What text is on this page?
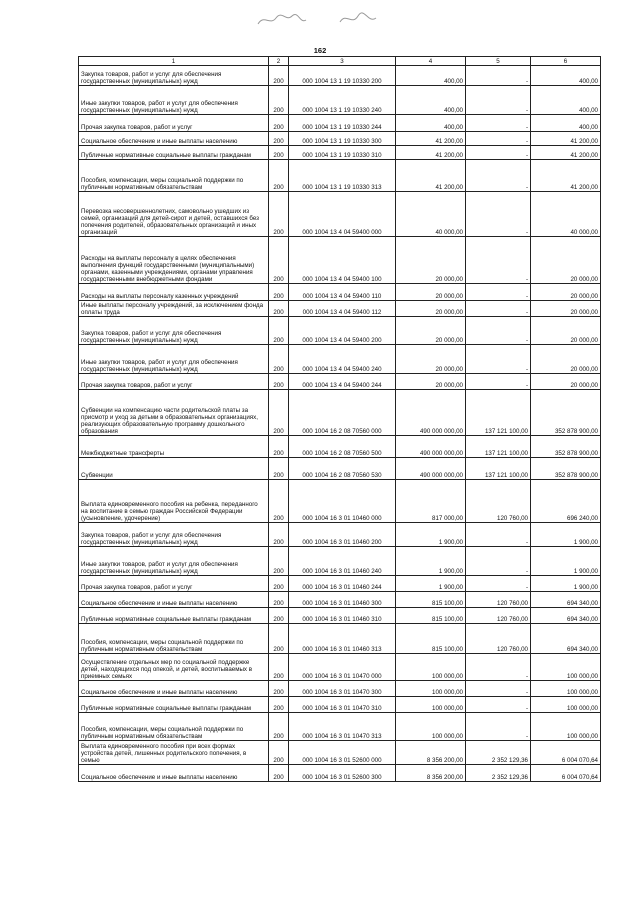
162
1	2	3	4	5	6
Закупка товаров, работ и услуг для обеспечения государственных (муниципальных) нужд	200	000 1004 13 1 19 10330 200	400,00	-	400,00
Иные закупки товаров, работ и услуг для обеспечения государственных (муниципальных) нужд	200	000 1004 13 1 19 10330 240	400,00	-	400,00
Прочая закупка товаров, работ и услуг	200	000 1004 13 1 19 10330 244	400,00	-	400,00
Социальное обеспечение и иные выплаты населению	200	000 1004 13 1 19 10330 300	41 200,00	-	41 200,00
Публичные нормативные социальные выплаты гражданам	200	000 1004 13 1 19 10330 310	41 200,00	-	41 200,00
Пособия, компенсации, меры социальной поддержки по публичным нормативным обязательствам	200	000 1004 13 1 19 10330 313	41 200,00	-	41 200,00
Перевозка несовершеннолетних, самовольно ушедших из семей, организаций для детей-сирот и детей, оставшихся без попечения родителей, образовательных организаций и иных организаций	200	000 1004 13 4 04 59400 000	40 000,00	-	40 000,00
Расходы на выплаты персоналу в целях обеспечения выполнения функций государственными (муниципальными) органами, казенными учреждениями, органами управления государственными внебюджетными фондами	200	000 1004 13 4 04 59400 100	20 000,00	-	20 000,00
Расходы на выплаты персоналу казенных учреждений	200	000 1004 13 4 04 59400 110	20 000,00	-	20 000,00
Иные выплаты персоналу учреждений, за исключением фонда оплаты труда	200	000 1004 13 4 04 59400 112	20 000,00	-	20 000,00
Закупка товаров, работ и услуг для обеспечения государственных (муниципальных) нужд	200	000 1004 13 4 04 59400 200	20 000,00	-	20 000,00
Иные закупки товаров, работ и услуг для обеспечения государственных (муниципальных) нужд	200	000 1004 13 4 04 59400 240	20 000,00	-	20 000,00
Прочая закупка товаров, работ и услуг	200	000 1004 13 4 04 59400 244	20 000,00	-	20 000,00
Субвенции на компенсацию части родительской платы за присмотр и уход за детьми в образовательных организациях, реализующих образовательную программу дошкольного образования	200	000 1004 16 2 08 70560 000	490 000 000,00	137 121 100,00	352 878 900,00
Межбюджетные трансферты	200	000 1004 16 2 08 70560 500	490 000 000,00	137 121 100,00	352 878 900,00
Субвенции	200	000 1004 16 2 08 70560 530	490 000 000,00	137 121 100,00	352 878 900,00
Выплата единовременного пособия на ребенка, переданного на воспитание в семью граждан Российской Федерации (усыновление, удочерение)	200	000 1004 16 3 01 10460 000	817 000,00	120 760,00	696 240,00
Закупка товаров, работ и услуг для обеспечения государственных (муниципальных) нужд	200	000 1004 16 3 01 10460 200	1 900,00	-	1 900,00
Иные закупки товаров, работ и услуг для обеспечения государственных (муниципальных) нужд	200	000 1004 16 3 01 10460 240	1 900,00	-	1 900,00
Прочая закупка товаров, работ и услуг	200	000 1004 16 3 01 10460 244	1 900,00	-	1 900,00
Социальное обеспечение и иные выплаты населению	200	000 1004 16 3 01 10460 300	815 100,00	120 760,00	694 340,00
Публичные нормативные социальные выплаты гражданам	200	000 1004 16 3 01 10460 310	815 100,00	120 760,00	694 340,00
Пособия, компенсации, меры социальной поддержки по публичным нормативным обязательствам	200	000 1004 16 3 01 10460 313	815 100,00	120 760,00	694 340,00
Осуществление отдельных мер по социальной поддержке детей, находящихся под опекой, и детей, воспитываемых в приемных семьях	200	000 1004 16 3 01 10470 000	100 000,00	-	100 000,00
Социальное обеспечение и иные выплаты населению	200	000 1004 16 3 01 10470 300	100 000,00	-	100 000,00
Публичные нормативные социальные выплаты гражданам	200	000 1004 16 3 01 10470 310	100 000,00	-	100 000,00
Пособия, компенсации, меры социальной поддержки по публичным нормативным обязательствам	200	000 1004 16 3 01 10470 313	100 000,00	-	100 000,00
Выплата единовременного пособия при всех формах устройства детей, лишенных родительского попечения, в семью	200	000 1004 16 3 01 52600 000	8 356 200,00	2 352 129,36	6 004 070,64
Социальное обеспечение и иные выплаты населению	200	000 1004 16 3 01 52600 300	8 356 200,00	2 352 129,36	6 004 070,64
